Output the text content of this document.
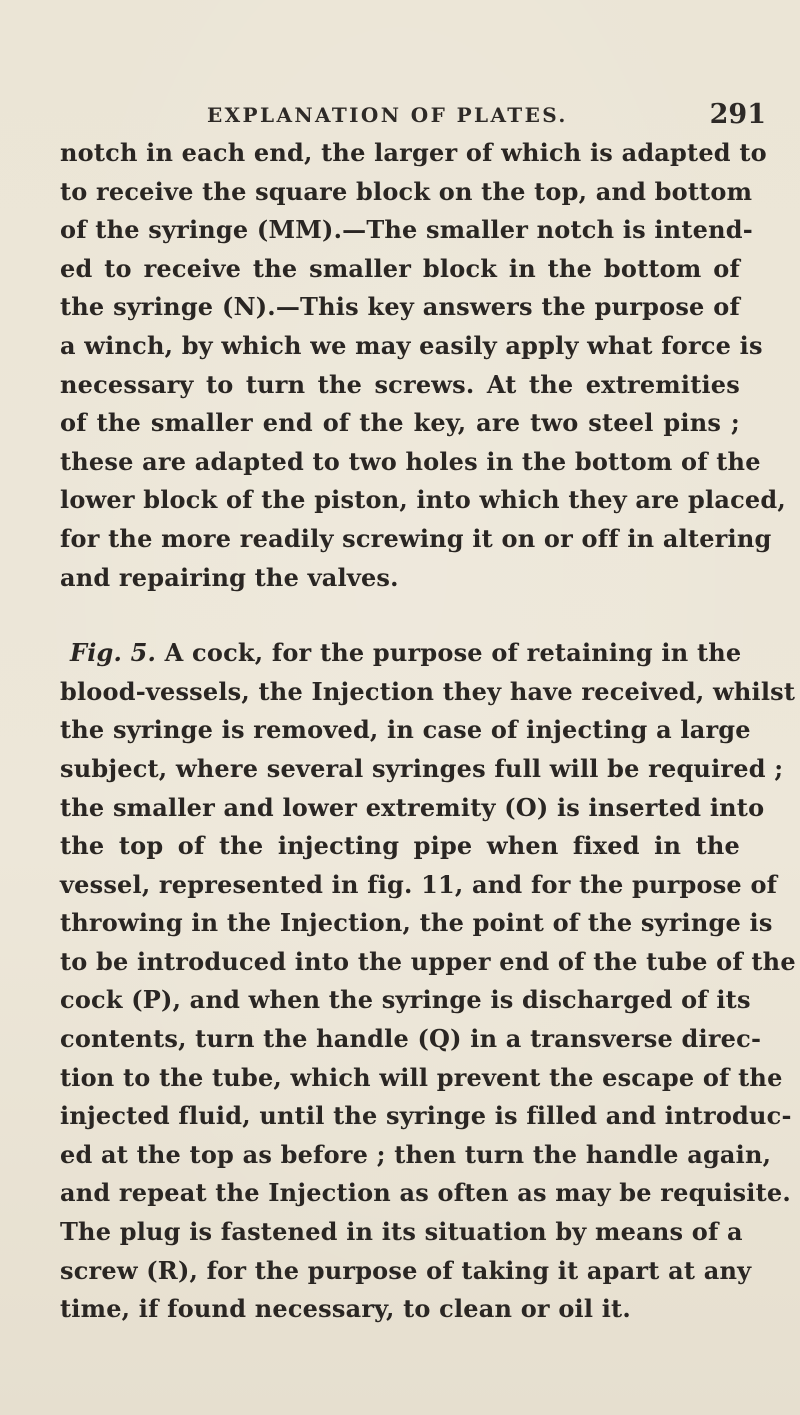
EXPLANATION OF PLATES.	291
notch in each end, the larger of which is adapted to
to receive the square block on the top, and bottom
of the syringe (MM).—The smaller notch is intend-
ed to receive the smaller block in the bottom of
the syringe (N).—This key answers the purpose of
a winch, by which we may easily apply what force is
necessary to turn the screws. At the extremities
of the smaller end of the key, are two steel pins ;
these are adapted to two holes in the bottom of the
lower block of the piston, into which they are placed,
for the more readily screwing it on or off in altering
and repairing the valves.
Fig. 5. A cock, for the purpose of retaining in the
blood-vessels, the Injection they have received, whilst
the syringe is removed, in case of injecting a large
subject, where several syringes full will be required ;
the smaller and lower extremity (O) is inserted into
the top of the injecting pipe when fixed in the
vessel, represented in fig. 11, and for the purpose of
throwing in the Injection, the point of the syringe is
to be introduced into the upper end of the tube of the
cock (P), and when the syringe is discharged of its
contents, turn the handle (Q) in a transverse direc-
tion to the tube, which will prevent the escape of the
injected fluid, until the syringe is filled and introduc-
ed at the top as before ; then turn the handle again,
and repeat the Injection as often as may be requisite.
The plug is fastened in its situation by means of a
screw (R), for the purpose of taking it apart at any
time, if found necessary, to clean or oil it.
